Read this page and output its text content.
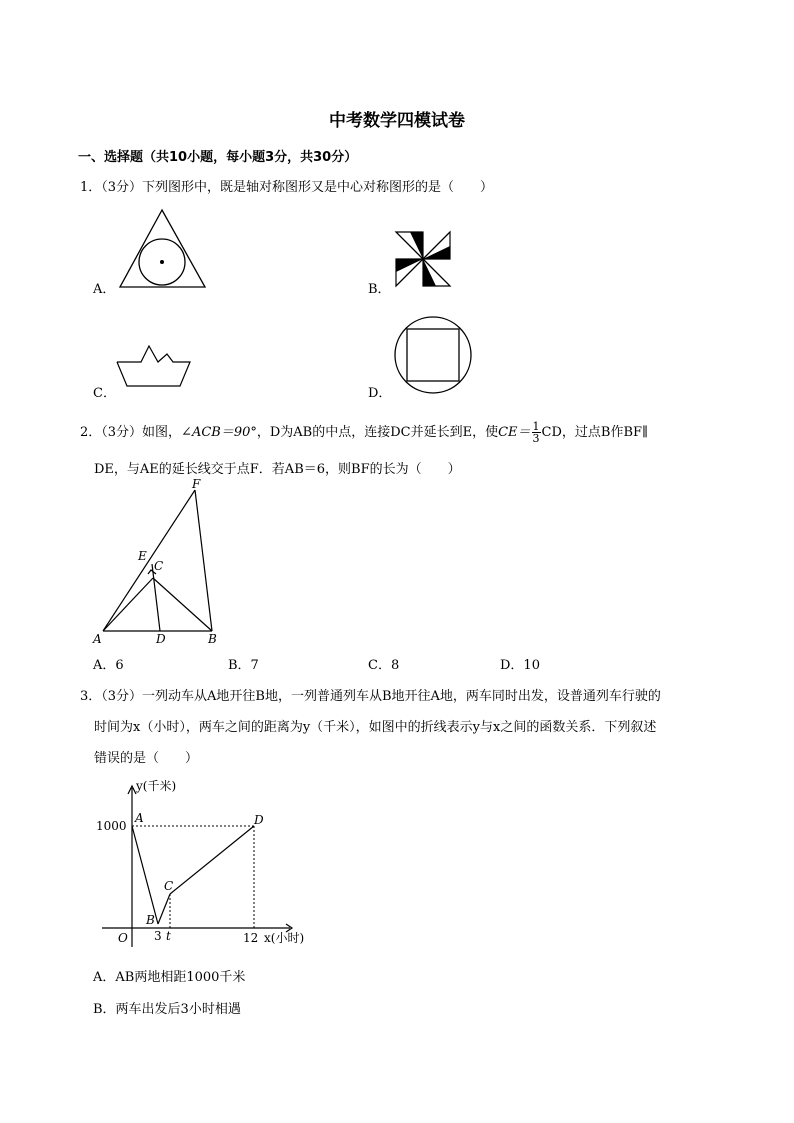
中考数学四模试卷
一、选择题（共10小题，每小题3分，共30分）
1．（3分）下列图形中，既是轴对称图形又是中心对称图形的是（　　）
A．	B．
C．	D．
2．（3分）如图，∠ACB＝90°，D为AB的中点，连接DC并延长到E，使$CE= \frac{1}{3}$ CD，过点B作BF∥
DE，与AE的延长线交于点F．若AB＝6，则BF的长为（　　）
F
E
C
A	D	B
A．6	B．7	C．8	D．10
3．（3分）一列动车从A地开往B地，一列普通列车从B地开往A地，两车同时出发，设普通列车行驶的
时间为x（小时），两车之间的距离为y（千米），如图中的折线表示y与x之间的函数关系．下列叙述
错误的是（　　）
y(千米)
x(小时)
1000
3 t	12
O
A
B
C
D
A．AB两地相距1000千米
B．两车出发后3小时相遇
